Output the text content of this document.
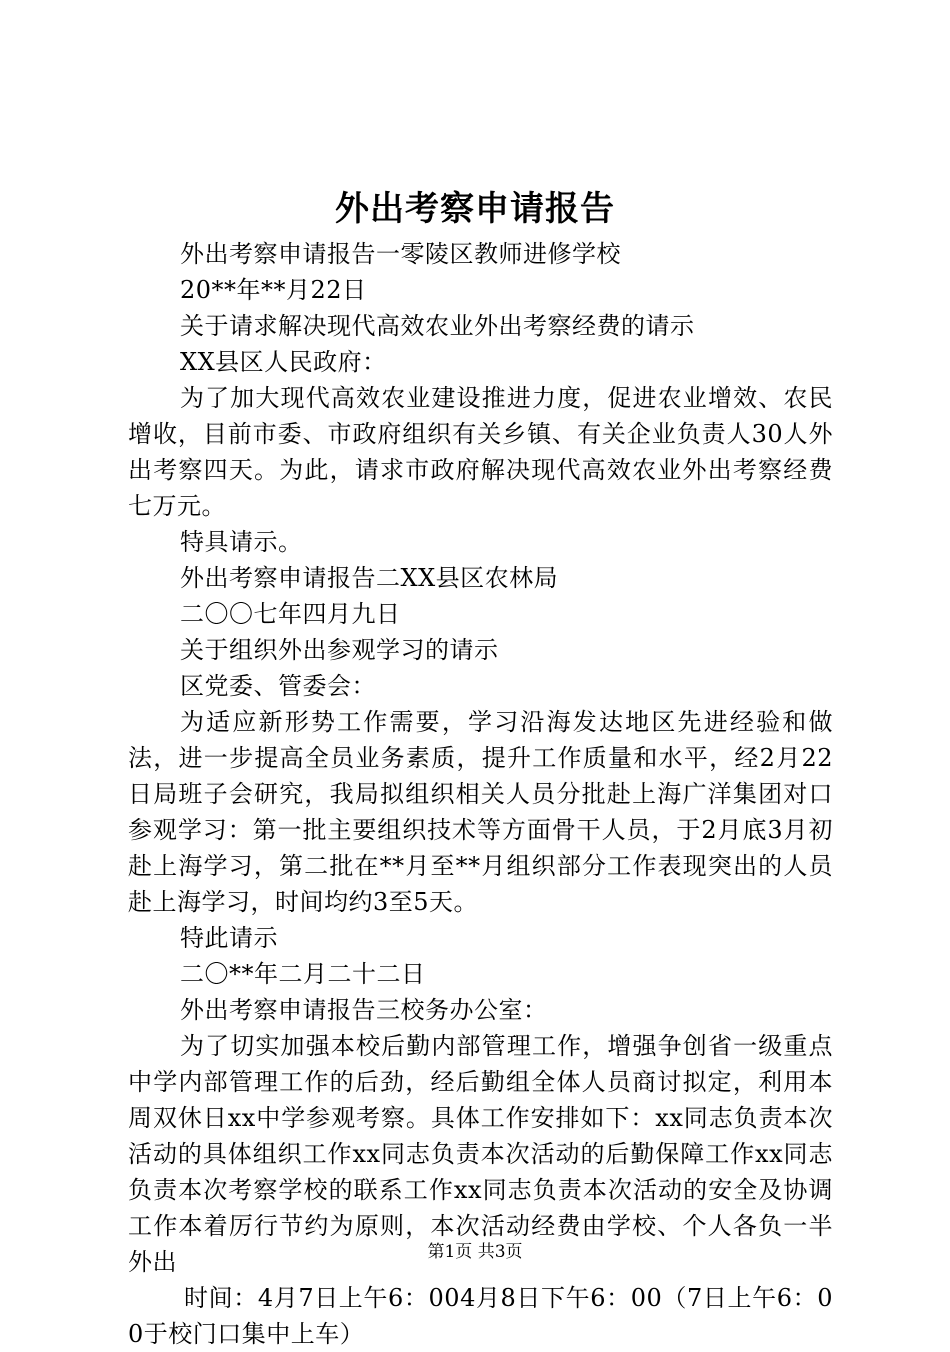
外出考察申请报告

外出考察申请报告一零陵区教师进修学校

20**年**月22日

关于请求解决现代高效农业外出考察经费的请示

XX县区人民政府：

为了加大现代高效农业建设推进力度，促进农业增效、农民增收，目前市委、市政府组织有关乡镇、有关企业负责人30人外出考察四天。为此，请求市政府解决现代高效农业外出考察经费七万元。

特具请示。

外出考察申请报告二XX县区农林局

二〇〇七年四月九日

关于组织外出参观学习的请示

区党委、管委会：

为适应新形势工作需要，学习沿海发达地区先进经验和做法，进一步提高全员业务素质，提升工作质量和水平，经2月22日局班子会研究，我局拟组织相关人员分批赴上海广洋集团对口参观学习：第一批主要组织技术等方面骨干人员，于2月底3月初赴上海学习，第二批在**月至**月组织部分工作表现突出的人员赴上海学习，时间均约3至5天。

特此请示

二〇**年二月二十二日

外出考察申请报告三校务办公室：

为了切实加强本校后勤内部管理工作，增强争创省一级重点中学内部管理工作的后劲，经后勤组全体人员商讨拟定，利用本周双休日xx中学参观考察。具体工作安排如下：xx同志负责本次活动的具体组织工作xx同志负责本次活动的后勤保障工作xx同志负责本次考察学校的联系工作xx同志负责本次活动的安全及协调工作本着厉行节约为原则，本次活动经费由学校、个人各负一半外出

时间：4月7日上午6：004月8日下午6：00（7日上午6：00于校门口集中上车）

第1页 共3页
